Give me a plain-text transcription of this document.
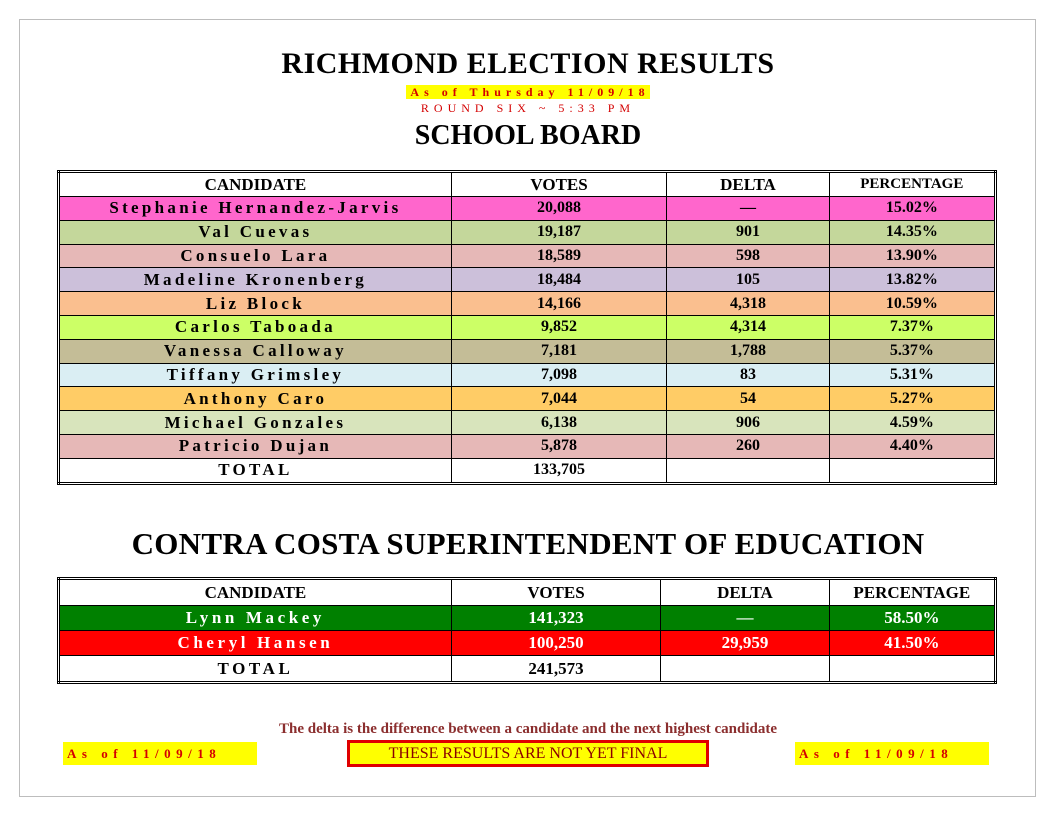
RICHMOND ELECTION RESULTS
As of Thursday 11/09/18
ROUND SIX ~ 5:33 PM
SCHOOL BOARD
CANDIDATE	VOTES	DELTA	PERCENTAGE
Stephanie Hernandez-Jarvis	20,088	—	15.02%
Val Cuevas	19,187	901	14.35%
Consuelo Lara	18,589	598	13.90%
Madeline Kronenberg	18,484	105	13.82%
Liz Block	14,166	4,318	10.59%
Carlos Taboada	9,852	4,314	7.37%
Vanessa Calloway	7,181	1,788	5.37%
Tiffany Grimsley	7,098	83	5.31%
Anthony Caro	7,044	54	5.27%
Michael Gonzales	6,138	906	4.59%
Patricio Dujan	5,878	260	4.40%
TOTAL	133,705		
CONTRA COSTA SUPERINTENDENT OF EDUCATION
CANDIDATE	VOTES	DELTA	PERCENTAGE
Lynn Mackey	141,323	—	58.50%
Cheryl Hansen	100,250	29,959	41.50%
TOTAL	241,573		
The delta is the difference between a candidate and the next highest candidate
As of 11/09/18	THESE RESULTS ARE NOT YET FINAL	As of 11/09/18
